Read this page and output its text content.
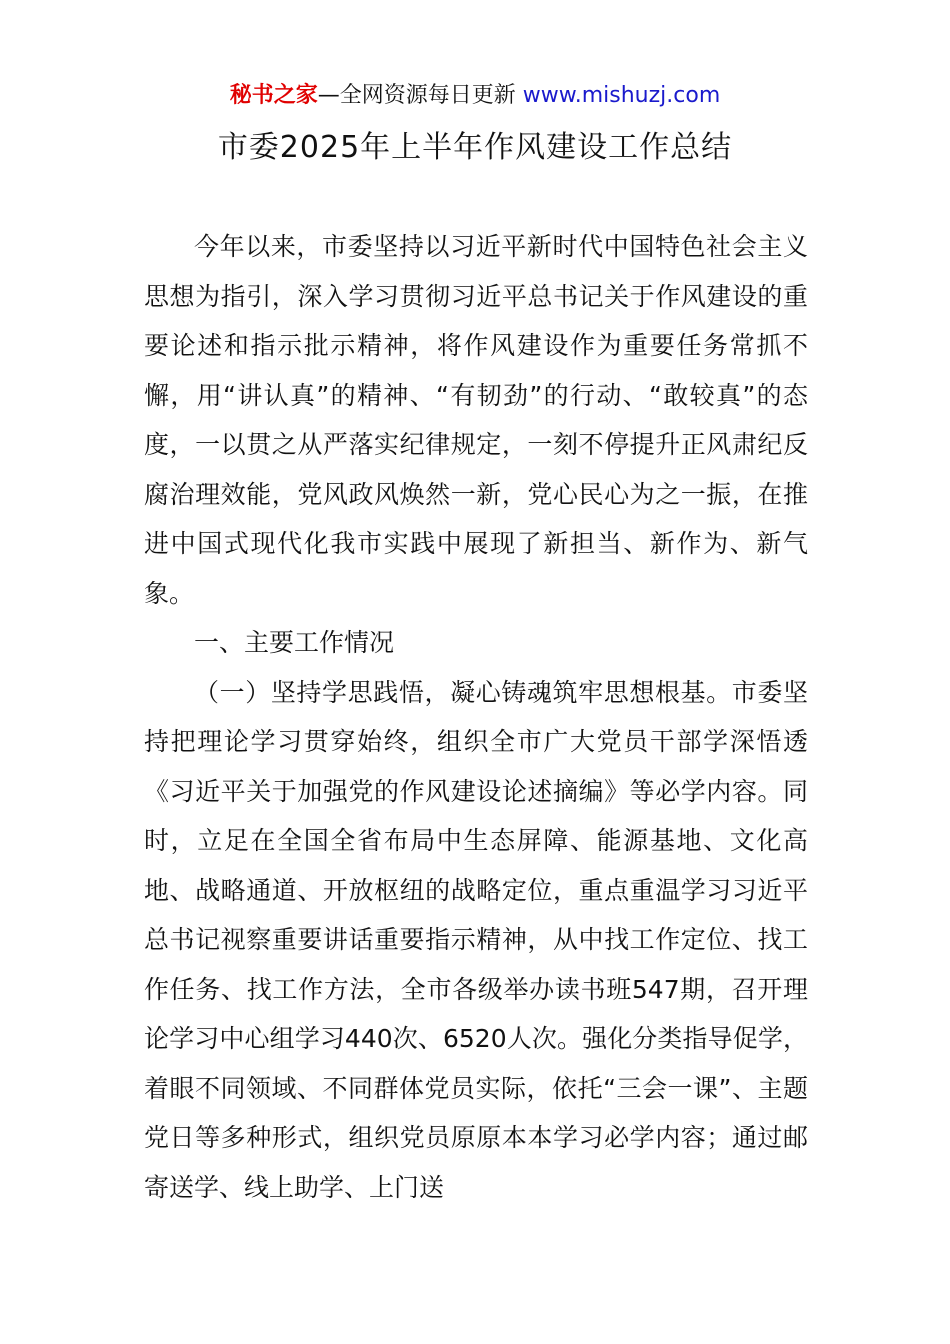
秘书之家—全网资源每日更新 www.mishuzj.com
市委2025年上半年作风建设工作总结

今年以来，市委坚持以习近平新时代中国特色社会主义思想为指引，深入学习贯彻习近平总书记关于作风建设的重要论述和指示批示精神，将作风建设作为重要任务常抓不懈，用“讲认真”的精神、“有韧劲”的行动、“敢较真”的态度，一以贯之从严落实纪律规定，一刻不停提升正风肃纪反腐治理效能，党风政风焕然一新，党心民心为之一振，在推进中国式现代化我市实践中展现了新担当、新作为、新气象。

一、主要工作情况

（一）坚持学思践悟，凝心铸魂筑牢思想根基。市委坚持把理论学习贯穿始终，组织全市广大党员干部学深悟透《习近平关于加强党的作风建设论述摘编》等必学内容。同时，立足在全国全省布局中生态屏障、能源基地、文化高地、战略通道、开放枢纽的战略定位，重点重温学习习近平总书记视察重要讲话重要指示精神，从中找工作定位、找工作任务、找工作方法，全市各级举办读书班547期，召开理论学习中心组学习440次、6520人次。强化分类指导促学，着眼不同领域、不同群体党员实际，依托“三会一课”、主题党日等多种形式，组织党员原原本本学习必学内容；通过邮寄送学、线上助学、上门送
